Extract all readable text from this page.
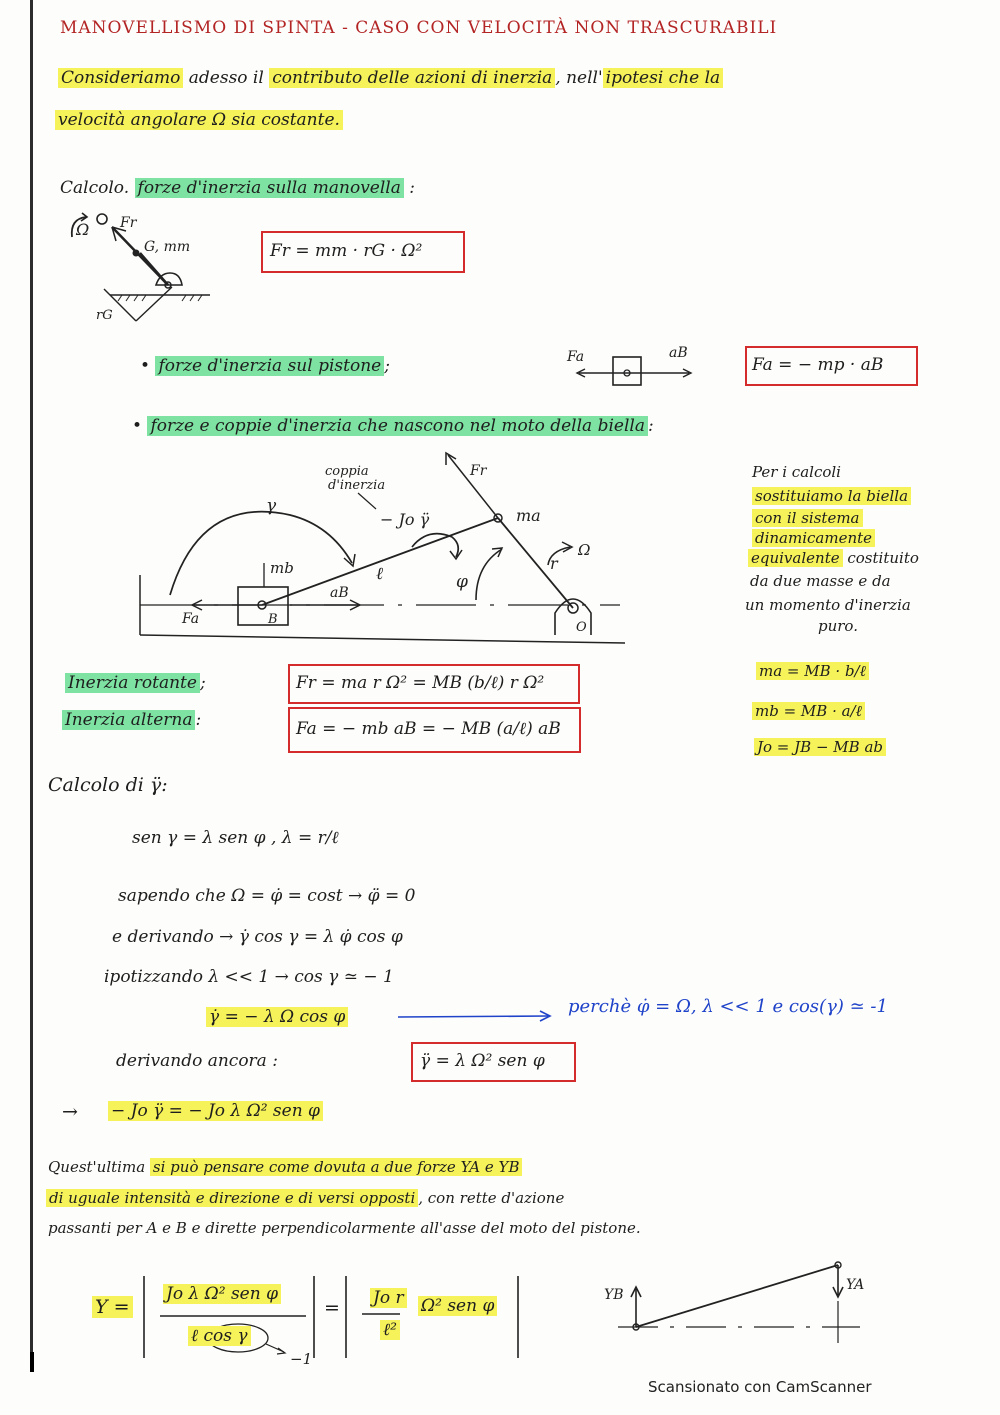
MANOVELLISMO DI SPINTA - CASO CON VELOCITÀ NON TRASCURABILI
Consideriamo adesso il contributo delle azioni di inerzia , nell' ipotesi che la
velocità angolare Ω sia costante.
Calcolo. forze d'inerzia sulla manovella :
Ω Fr
G, mm
rG
Fr = mm · rG · Ω²
• forze d'inerzia sul pistone ;	Fa	aB
Fa = − mp · aB
• forze e coppie d'inerzia che nascono nel moto della biella :
Fr
coppia
d'inerzia
γ
− Jo γ̈	ma
mb	ℓ	φ
Ω
r
Fa
aB
B
O
Per i calcoli
sostituiamo la biella
con il sistema
dinamicamente
equivalente costituito
da due masse e da
un momento d'inerzia
puro.
ma = MB · b/ℓ
mb = MB · a/ℓ
Jo = JB − MB ab
Inerzia rotante ;	Fr = ma r Ω² = MB (b/ℓ) r Ω²
Inerzia alterna :	Fa = − mb aB = − MB (a/ℓ) aB
Calcolo di γ̈:
sen γ = λ sen φ , λ = r/ℓ
sapendo che Ω = φ̇ = cost → φ̈ = 0
e derivando → γ̇ cos γ = λ φ̇ cos φ
ipotizzando λ << 1 → cos γ ≃ − 1
γ̇ = − λ Ω cos φ	perchè φ̇ = Ω, λ << 1 e cos(γ) ≃ -1
derivando ancora :	γ̈ = λ Ω² sen φ
→ − Jo γ̈ = − Jo λ Ω² sen φ
Quest'ultima si può pensare come dovuta a due forze YA e YB
di uguale intensità e direzione e di versi opposti , con rette d'azione
passanti per A e B e dirette perpendicolarmente all'asse del moto del pistone.
Y =
Jo λ Ω² sen φ
ℓ cos γ
−1
= Jo r
ℓ²
Ω² sen φ
YB
YA
Scansionato con CamScanner
